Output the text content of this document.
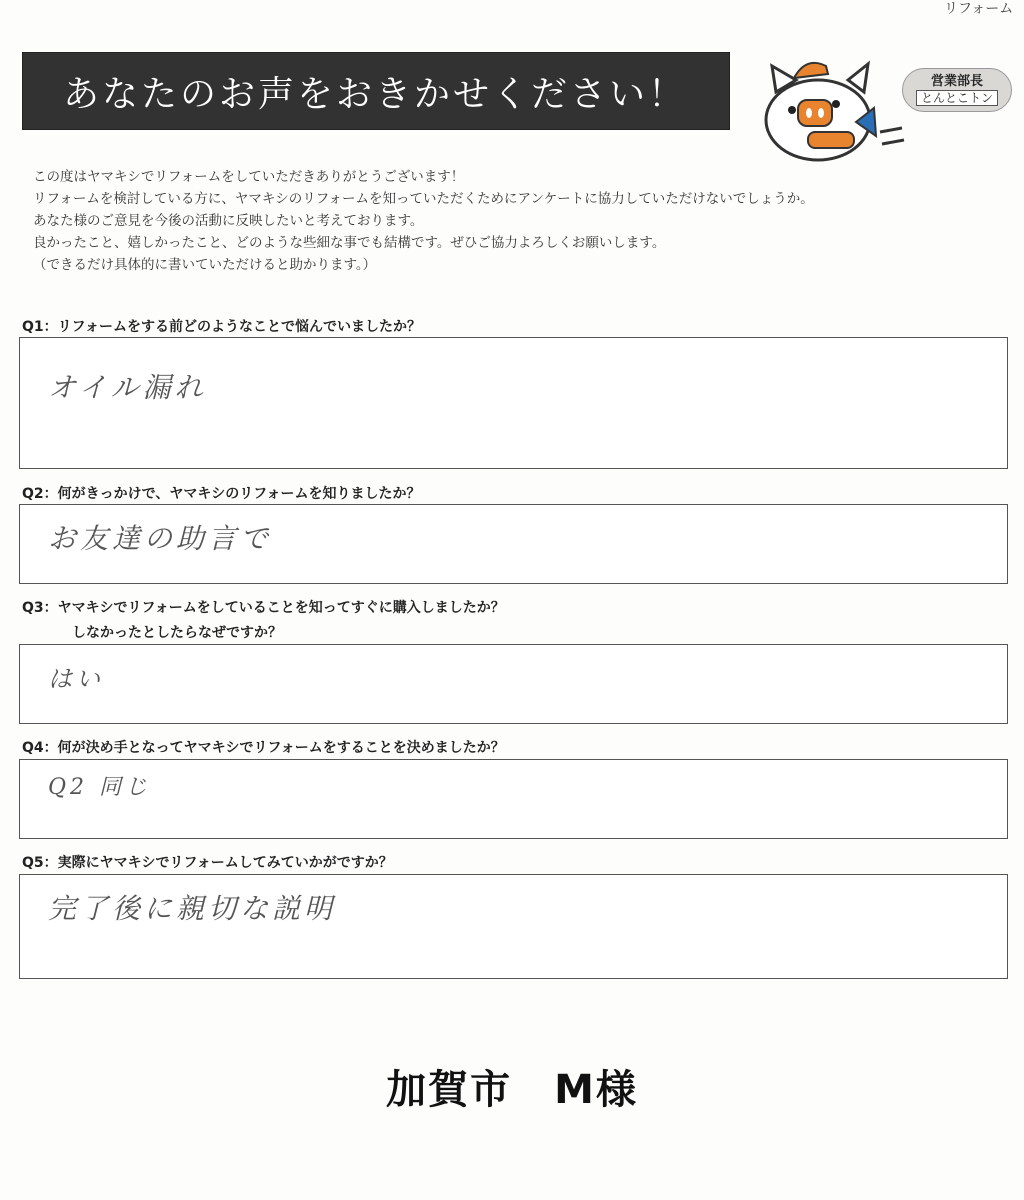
リフォーム
あなたのお声をおきかせください！	営業部長
とんとこトン
この度はヤマキシでリフォームをしていただきありがとうございます！
リフォームを検討している方に、ヤマキシのリフォームを知っていただくためにアンケートに協力していただけないでしょうか。
あなた様のご意見を今後の活動に反映したいと考えております。
良かったこと、嬉しかったこと、どのような些細な事でも結構です。ぜひご協力よろしくお願いします。
（できるだけ具体的に書いていただけると助かります。）
Q1：リフォームをする前どのようなことで悩んでいましたか？
オイル漏れ
Q2：何がきっかけで、ヤマキシのリフォームを知りましたか？
お友達の助言で
Q3：ヤマキシでリフォームをしていることを知ってすぐに購入しましたか？
しなかったとしたらなぜですか？
はい
Q4：何が決め手となってヤマキシでリフォームをすることを決めましたか？
Q2 同じ
Q5：実際にヤマキシでリフォームしてみていかがですか？
完了後に親切な説明
加賀市　M様
